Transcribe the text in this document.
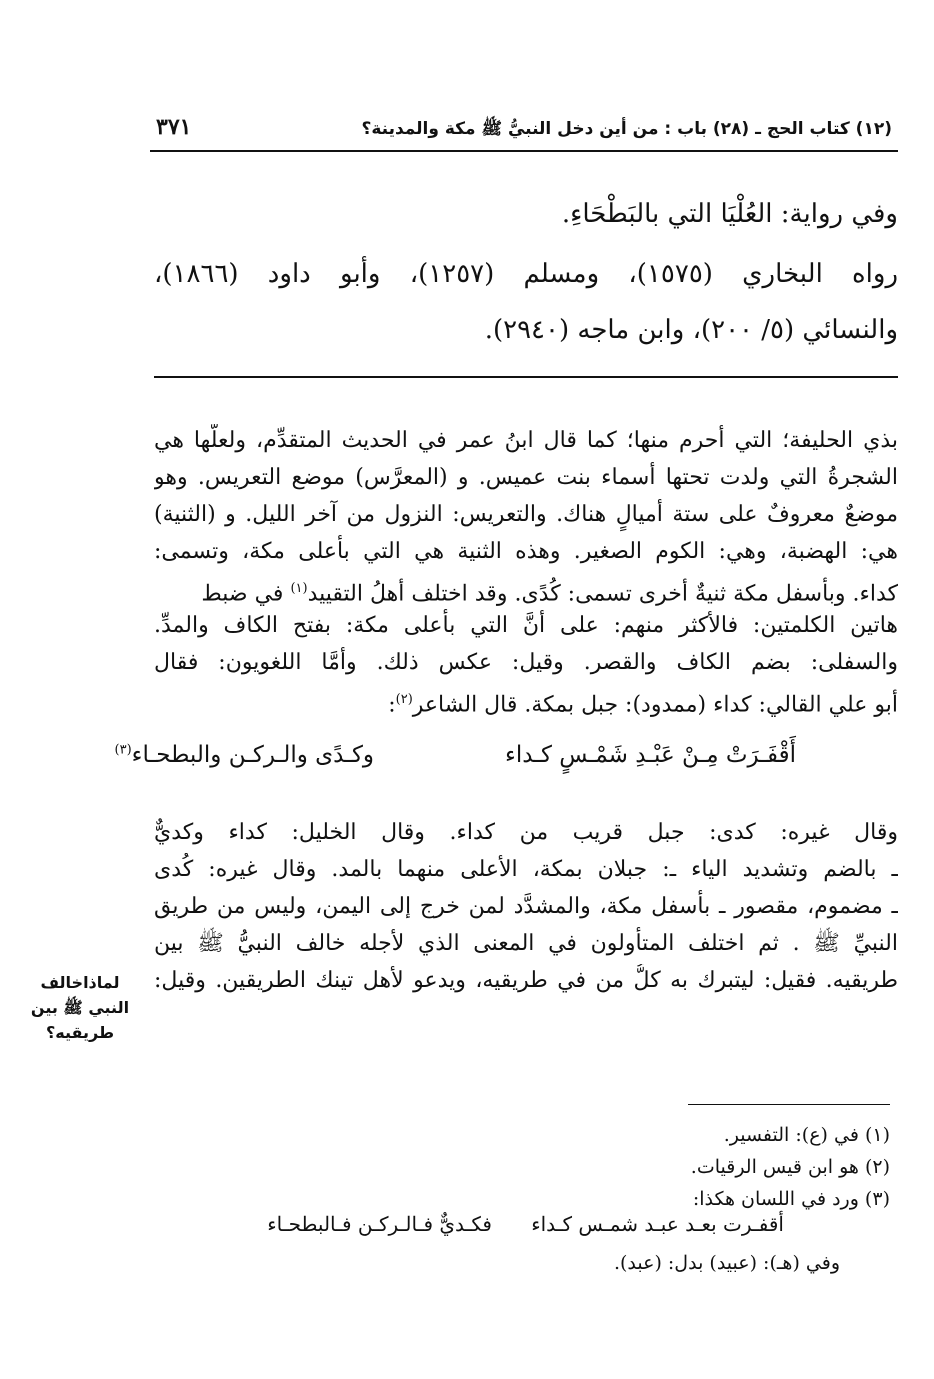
(١٢) كتاب الحج ـ (٢٨) باب : من أين دخل النبيُّ ﷺ مكة والمدينة؟
٣٧١
وفي رواية: العُلْيَا التي بالبَطْحَاءِ.
رواه البخاري (١٥٧٥)، ومسلم (١٢٥٧)، وأبو داود (١٨٦٦)،
والنسائي (٥/ ٢٠٠)، وابن ماجه (٢٩٤٠).
بذي الحليفة؛ التي أحرم منها؛ كما قال ابنُ عمر في الحديث المتقدِّم، ولعلَّها هي
الشجرةُ التي ولدت تحتها أسماء بنت عميس. و (المعرَّس) موضع التعريس. وهو
موضعٌ معروفٌ على ستة أميالٍ هناك. والتعريس: النزول من آخر الليل. و (الثنية)
هي: الهضبة، وهي: الكوم الصغير. وهذه الثنية هي التي بأعلى مكة، وتسمى:
كداء. وبأسفل مكة ثنيةٌ أخرى تسمى: كُدًى. وقد اختلف أهلُ التقييد$^{(١)}$ في ضبط
هاتين الكلمتين: فالأكثر منهم: على أنَّ التي بأعلى مكة: بفتح الكاف والمدِّ.
والسفلى: بضم الكاف والقصر. وقيل: عكس ذلك. وأمَّا اللغويون: فقال
أبو علي القالي: كداء (ممدود): جبل بمكة. قال الشاعر$^{(٢)}$:
أَقْفَـرَتْ مِـنْ عَبْـدِ شَمْـسٍ كـداء
وكـدًى والـركـن والبطحـاء$^{(٣)}$
وقال غيره: كدى: جبل قريب من كداء. وقال الخليل: كداء وكديٌّ
ـ بالضم وتشديد الياء ـ: جبلان بمكة، الأعلى منهما بالمد. وقال غيره: كُدى
ـ مضموم، مقصور ـ بأسفل مكة، والمشدَّد لمن خرج إلى اليمن، وليس من طريق
النبيِّ ﷺ . ثم اختلف المتأولون في المعنى الذي لأجله خالف النبيُّ ﷺ بين
طريقيه. فقيل: ليتبرك به كلُّ من في طريقيه، ويدعو لأهل تينك الطريقين. وقيل:
لماذاخالف
النبي ﷺ بين
طريقيه؟
(١) في (ع): التفسير.
(٢) هو ابن قيس الرقيات.
(٣) ورد في اللسان هكذا:
أقفـرت بعـد عبـد شمـس كـداء
فكـديٌّ فـالـركـن فـالبطحـاء
وفي (هـ): (عبيد) بدل: (عبد).
